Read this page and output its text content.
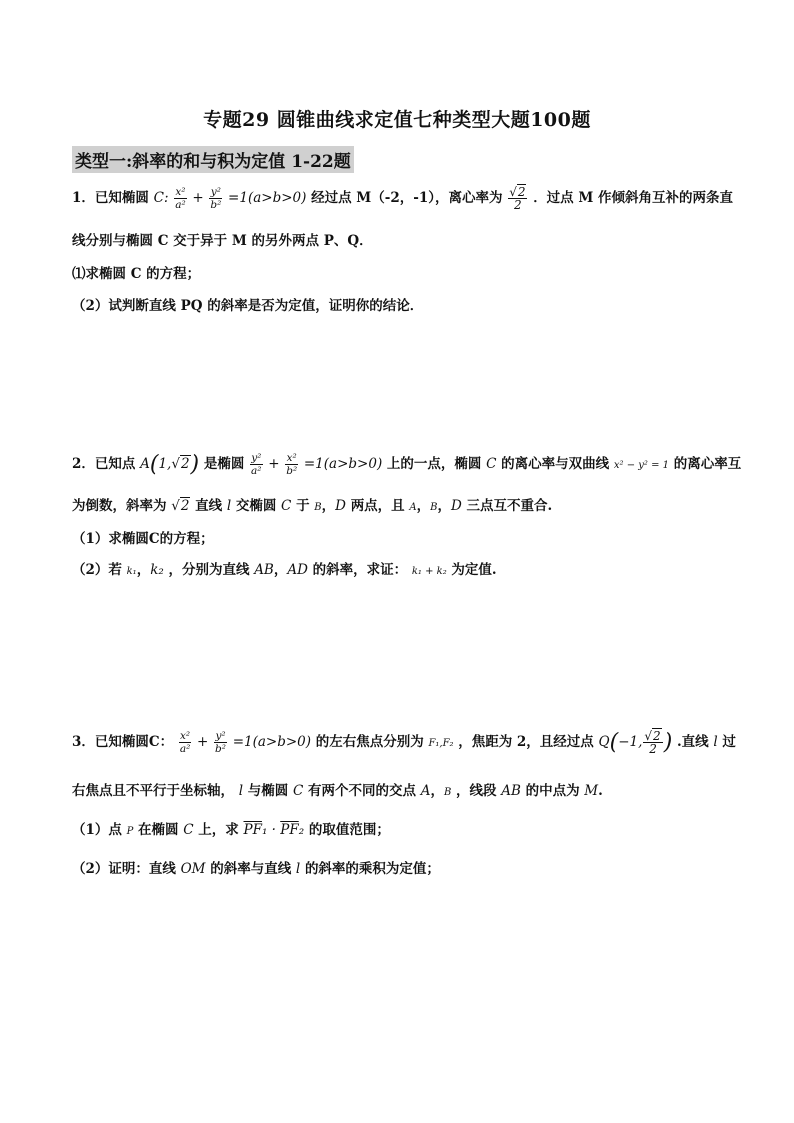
专题29 圆锥曲线求定值七种类型大题100题
类型一:斜率的和与积为定值 1-22题
1．已知椭圆 C: $\frac{\text{x²}}{\text{a²}} + \frac{\text{y²}}{\text{b²}} =1(a>b>0)$ 经过点 M（-2，-1），离心率为 $\frac{√2}{2}$ ．过点 M 作倾斜角互补的两条直
线分别与椭圆 C 交于异于 M 的另外两点 P、Q．
⑴求椭圆 C 的方程；
（2）试判断直线 PQ 的斜率是否为定值，证明你的结论．
2．已知点 A(1,√2) 是椭圆 $\frac{\text{y²}}{\text{a²}} + \frac{\text{x²}}{\text{b²}} =1(a>b>0)$ 上的一点，椭圆 C 的离心率与双曲线 x² − y² = 1 的离心率互
为倒数，斜率为 √2 直线 l 交椭圆 C 于 B，D 两点，且 A，B，D 三点互不重合.
（1）求椭圆C的方程；
（2）若 k₁，k₂ ，分别为直线 AB，AD 的斜率，求证： k₁ + k₂ 为定值.
3．已知椭圆C： $\frac{\text{x²}}{\text{a²}} + \frac{\text{y²}}{\text{b²}} =1(a>b>0)$ 的左右焦点分别为 F₁,F₂ ，焦距为 2，且经过点 Q(−1, $\frac{√2}{2}$ ) .直线 l 过
右焦点且不平行于坐标轴， l 与椭圆 C 有两个不同的交点 A，B ，线段 AB 的中点为 M.
（1）点 P 在椭圆 C 上，求 $\overline{PF}_1 \cdot \overline{PF}_2$ 的取值范围；
（2）证明：直线 OM 的斜率与直线 l 的斜率的乘积为定值；
